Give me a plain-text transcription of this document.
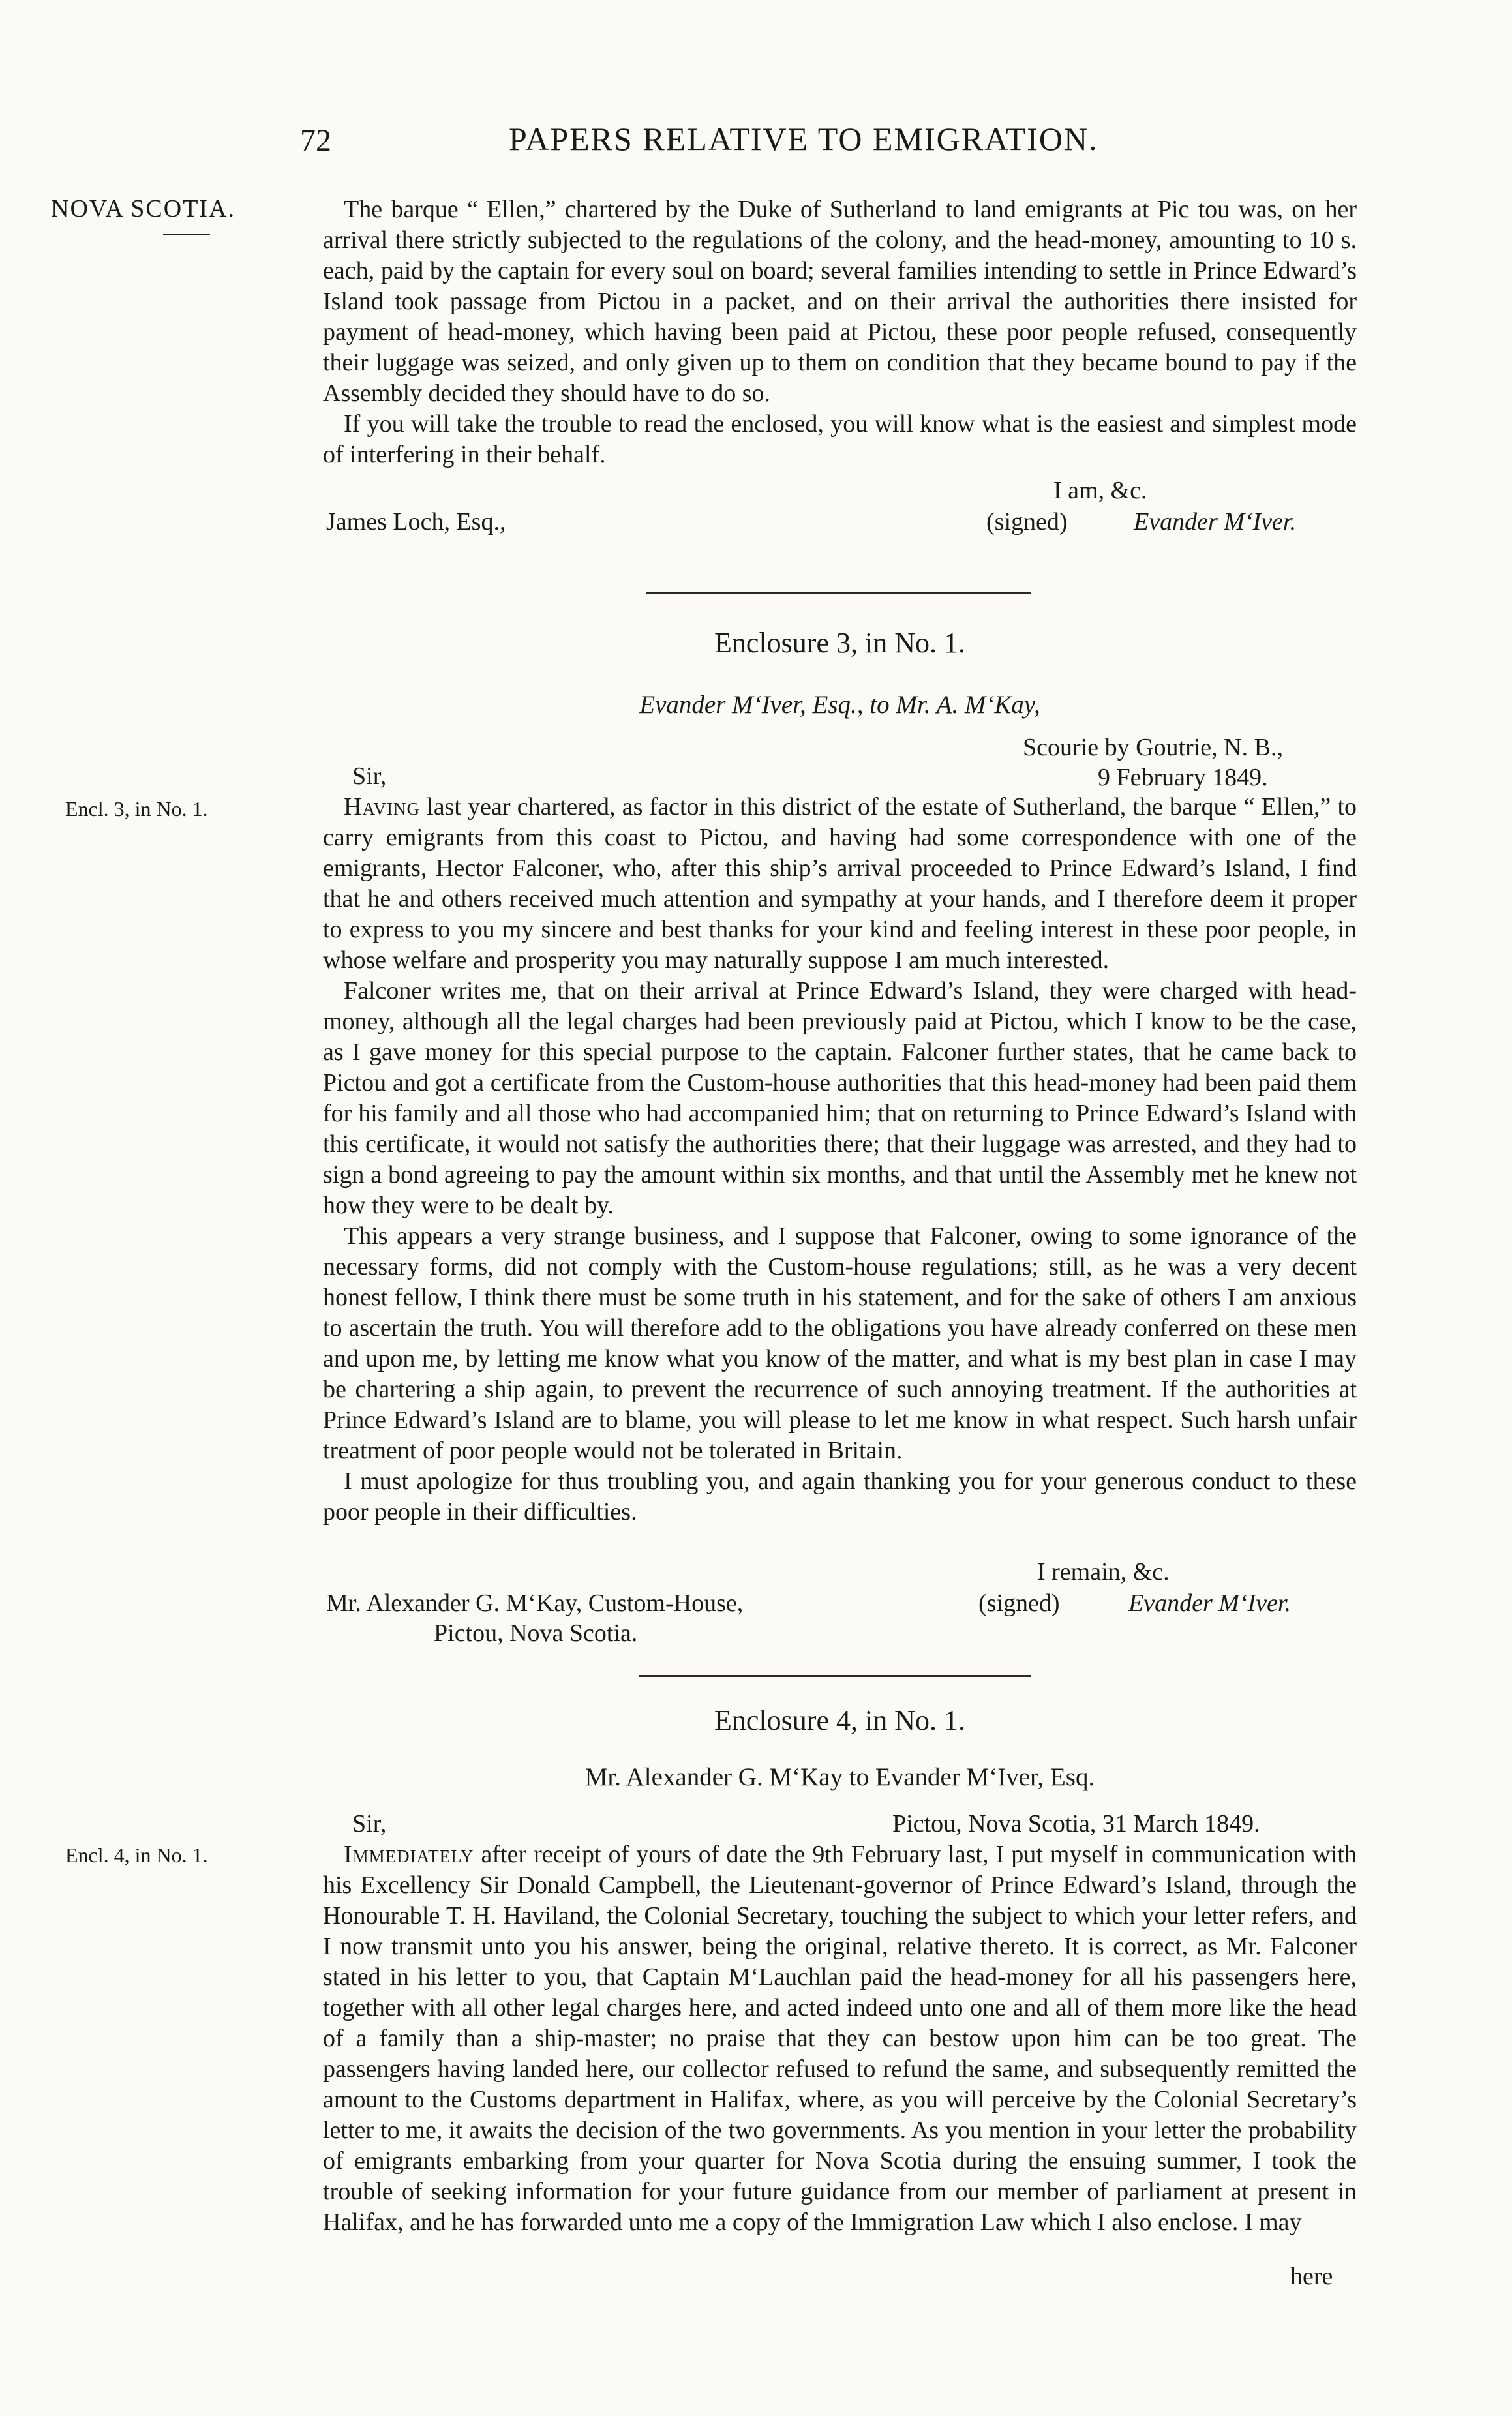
72	PAPERS RELATIVE TO EMIGRATION.
NOVA SCOTIA.	The barque “ Ellen,” chartered by the Duke of Sutherland to land emigrants at Pic tou was, on her arrival there strictly subjected to the regulations of the colony, and the head-money, amounting to 10 s. each, paid by the captain for every soul on board; several families intending to settle in Prince Edward’s Island took passage from Pictou in a packet, and on their arrival the authorities there insisted for payment of head-money, which having been paid at Pictou, these poor people refused, consequently their luggage was seized, and only given up to them on condition that they became bound to pay if the Assembly decided they should have to do so.

If you will take the trouble to read the enclosed, you will know what is the easiest and simplest mode of interfering in their behalf.

I am, &c.
James Loch, Esq.,	(signed)	Evander M‘Iver.
Enclosure 3, in No. 1.
Evander M‘Iver, Esq., to Mr. A. M‘Kay,
Scourie by Goutrie, N. B.,
Sir,	9 February 1849.
Encl. 3, in No. 1.	Having last year chartered, as factor in this district of the estate of Sutherland, the barque “ Ellen,” to carry emigrants from this coast to Pictou, and having had some correspondence with one of the emigrants, Hector Falconer, who, after this ship’s arrival proceeded to Prince Edward’s Island, I find that he and others received much attention and sympathy at your hands, and I therefore deem it proper to express to you my sincere and best thanks for your kind and feeling interest in these poor people, in whose welfare and prosperity you may naturally suppose I am much interested.

Falconer writes me, that on their arrival at Prince Edward’s Island, they were charged with head-money, although all the legal charges had been previously paid at Pictou, which I know to be the case, as I gave money for this special purpose to the captain. Falconer further states, that he came back to Pictou and got a certificate from the Custom-house authorities that this head-money had been paid them for his family and all those who had accompanied him; that on returning to Prince Edward’s Island with this certificate, it would not satisfy the authorities there; that their luggage was arrested, and they had to sign a bond agreeing to pay the amount within six months, and that until the Assembly met he knew not how they were to be dealt by.

This appears a very strange business, and I suppose that Falconer, owing to some ignorance of the necessary forms, did not comply with the Custom-house regulations; still, as he was a very decent honest fellow, I think there must be some truth in his statement, and for the sake of others I am anxious to ascertain the truth. You will therefore add to the obligations you have already conferred on these men and upon me, by letting me know what you know of the matter, and what is my best plan in case I may be chartering a ship again, to prevent the recurrence of such annoying treatment. If the authorities at Prince Edward’s Island are to blame, you will please to let me know in what respect. Such harsh unfair treatment of poor people would not be tolerated in Britain.

I must apologize for thus troubling you, and again thanking you for your generous conduct to these poor people in their difficulties.

I remain, &c.
Mr. Alexander G. M‘Kay, Custom-House,	(signed)	Evander M‘Iver.
Pictou, Nova Scotia.
Enclosure 4, in No. 1.
Mr. Alexander G. M‘Kay to Evander M‘Iver, Esq.
Sir,	Pictou, Nova Scotia, 31 March 1849.
Encl. 4, in No. 1.	Immediately after receipt of yours of date the 9th February last, I put myself in communication with his Excellency Sir Donald Campbell, the Lieutenant-governor of Prince Edward’s Island, through the Honourable T. H. Haviland, the Colonial Secretary, touching the subject to which your letter refers, and I now transmit unto you his answer, being the original, relative thereto. It is correct, as Mr. Falconer stated in his letter to you, that Captain M‘Lauchlan paid the head-money for all his passengers here, together with all other legal charges here, and acted indeed unto one and all of them more like the head of a family than a ship-master; no praise that they can bestow upon him can be too great. The passengers having landed here, our collector refused to refund the same, and subsequently remitted the amount to the Customs department in Halifax, where, as you will perceive by the Colonial Secretary’s letter to me, it awaits the decision of the two governments. As you mention in your letter the probability of emigrants embarking from your quarter for Nova Scotia during the ensuing summer, I took the trouble of seeking information for your future guidance from our member of parliament at present in Halifax, and he has forwarded unto me a copy of the Immigration Law which I also enclose. I may

here
